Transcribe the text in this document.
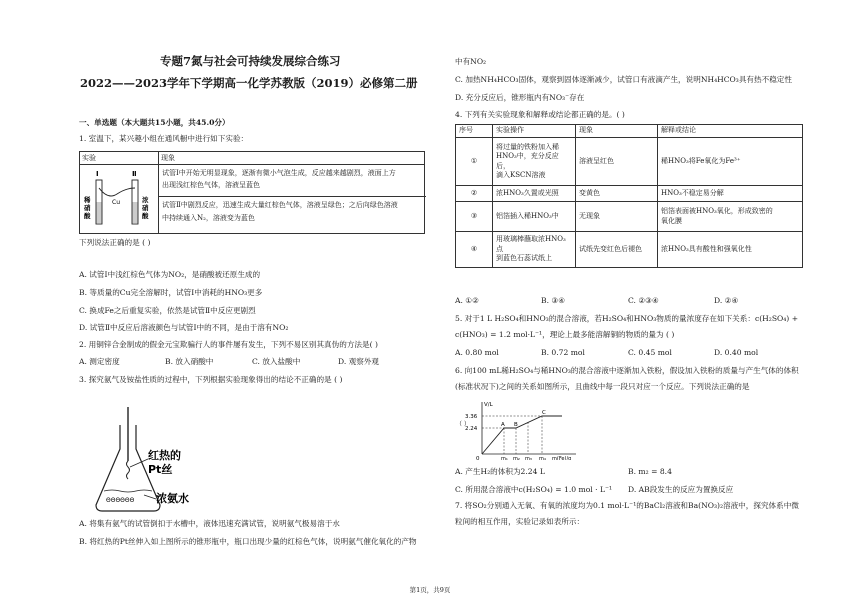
专题7氮与社会可持续发展综合练习
2022——2023学年下学期高一化学苏教版（2019）必修第二册
一、单选题（本大题共15小题，共45.0分）
1. 室温下，某兴趣小组在通风橱中进行如下实验：
实验	现象
试管Ⅰ中开始无明显现象，逐渐有微小气泡生成，反应越来越剧烈，液面上方
出现浅红棕色气体，溶液呈蓝色
试管Ⅱ中剧烈反应，迅速生成大量红棕色气体，溶液呈绿色；之后向绿色溶液
中持续通入N₂，溶液变为蓝色
Ⅰ	Ⅱ
Cu
稀
硝
酸
浓
硝
酸
下列说法正确的是 ( )
A. 试管Ⅰ中浅红棕色气体为NO₂，是硝酸被还原生成的
B. 等质量的Cu完全溶解时，试管Ⅰ中消耗的HNO₃更多
C. 换成Fe之后重复实验，依然是试管Ⅱ中反应更剧烈
D. 试管Ⅱ中反应后溶液颜色与试管Ⅰ中的不同，是由于溶有NO₂
2. 用铜锌合金制成的假金元宝欺骗行人的事件屡有发生，下列不易区别其真伪的方法是( )
A. 测定密度	B. 放入硝酸中	C. 放入盐酸中	D. 观察外观
3. 探究氨气及铵盐性质的过程中，下列根据实验现象得出的结论不正确的是 ( )
ΘΘΘΘΘΘ
红热的
Pt丝
浓氨水
A. 将集有氨气的试管倒扣于水槽中，液体迅速充满试管，说明氨气极易溶于水
B. 将红热的Pt丝伸入如上图所示的锥形瓶中，瓶口出现少量的红棕色气体，说明氨气催化氧化的产物
中有NO₂
C. 加热NH₄HCO₃固体，观察到固体逐渐减少，试管口有液滴产生，说明NH₄HCO₃具有热不稳定性
D. 充分反应后，锥形瓶内有NO₃⁻存在
4. 下列有关实验现象和解释或结论都正确的是。( )
序号	实验操作	现象	解释或结论
①	将过量的铁粉加入稀
HNO₃中，充分反应后，
滴入KSCN溶液	溶液呈红色	稀HNO₃将Fe氧化为Fe³⁺
②	浓HNO₃久置或光照	变黄色	HNO₃不稳定易分解
③	铝箔插入稀HNO₃中	无现象	铝箔表面被HNO₃氧化，形成致密的
氧化膜

④	用玻璃棒蘸取浓HNO₃点
到蓝色石蕊试纸上	试纸先变红色后褪色	浓HNO₃具有酸性和强氧化性
A. ①②	B. ③④	C. ②③④	D. ②④
5. 对于1 L H₂SO₄和HNO₃的混合溶液，若H₂SO₄和HNO₃物质的量浓度存在如下关系：c(H₂SO₄) +
c(HNO₃) = 1.2 mol·L⁻¹，理论上最多能溶解铜的物质的量为 ( )
A. 0.80 mol	B. 0.72 mol	C. 0.45 mol	D. 0.40 mol
6. 向100 mL稀H₂SO₄与稀HNO₃的混合溶液中逐渐加入铁粉，假设加入铁粉的质量与产生气体的体积
(标准状况下)之间的关系如图所示，且曲线中每一段只对应一个反应。下列说法正确的是
V/L
3.36
2.24
（ ）
0
A B
C
m₁ m₂ m₃ m₄ m(Fe)/g
A. 产生H₂的体积为2.24 L	B. m₂ = 8.4
C. 所用混合溶液中c(H₂SO₄) = 1.0 mol · L⁻¹ D. AB段发生的反应为置换反应
7. 将SO₂分别通入无氧、有氧的浓度均为0.1 mol·L⁻¹的BaCl₂溶液和Ba(NO₃)₂溶液中，探究体系中微
粒间的相互作用，实验记录如表所示：
第1页，共9页
